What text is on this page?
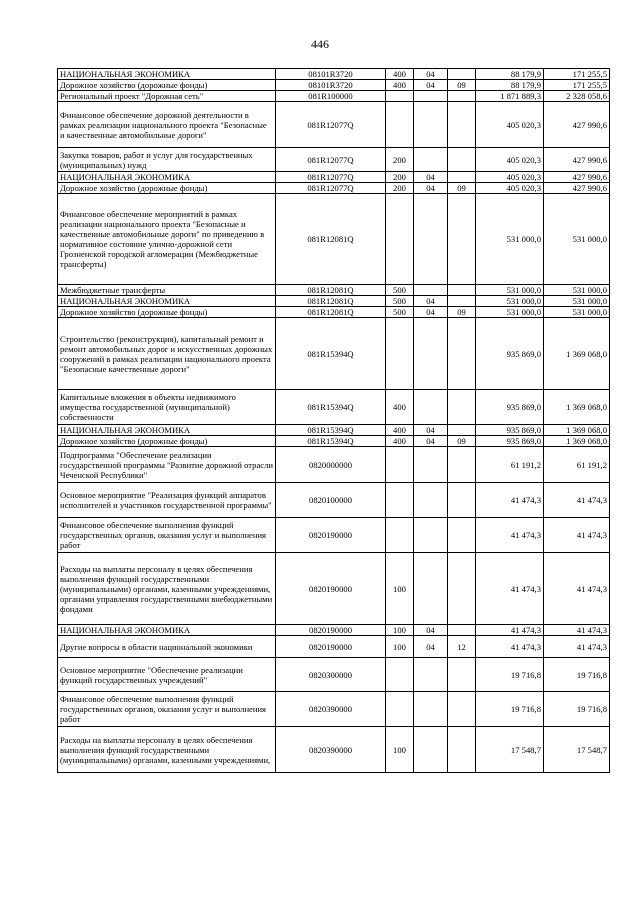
446
НАЦИОНАЛЬНАЯ ЭКОНОМИКА	08101R3720	400	04		88 179,9	171 255,5
Дорожное хозяйство (дорожные фонды)	08101R3720	400	04	09	88 179,9	171 255,5
Региональный проект "Дорожная сеть"	081R100000				1 871 889,3	2 328 058,6
Финансовое обеспечение дорожной деятельности в рамках реализации национального проекта "Безопасные и качественные автомобильные дороги"	081R12077Q				405 020,3	427 990,6
Закупка товаров, работ и услуг для государственных (муниципальных) нужд	081R12077Q	200			405 020,3	427 990,6
НАЦИОНАЛЬНАЯ ЭКОНОМИКА	081R12077Q	200	04		405 020,3	427 990,6
Дорожное хозяйство (дорожные фонды)	081R12077Q	200	04	09	405 020,3	427 990,6
Финансовое обеспечение мероприятий в рамках реализации национального проекта "Безопасные и качественные автомобильные дороги" по приведению в нормативное состояние улично-дорожной сети Грозненской городской агломерации (Межбюджетные трансферты)	081R12081Q				531 000,0	531 000,0
Межбюджетные трансферты	081R12081Q	500			531 000,0	531 000,0
НАЦИОНАЛЬНАЯ ЭКОНОМИКА	081R12081Q	500	04		531 000,0	531 000,0
Дорожное хозяйство (дорожные фонды)	081R12081Q	500	04	09	531 000,0	531 000,0
Строительство (реконструкция), капитальный ремонт и ремонт автомобильных дорог и искусственных дорожных сооружений в рамках реализации национального проекта "Безопасные качественные дороги"	081R15394Q				935 869,0	1 369 068,0
Капитальные вложения в объекты недвижимого имущества государственной (муниципальной) собственности	081R15394Q	400			935 869,0	1 369 068,0
НАЦИОНАЛЬНАЯ ЭКОНОМИКА	081R15394Q	400	04		935 869,0	1 369 068,0
Дорожное хозяйство (дорожные фонды)	081R15394Q	400	04	09	935 869,0	1 369 068,0
Подпрограмма "Обеспечение реализации государственной программы "Развитие дорожной отрасли Чеченской Республики"	0820000000				61 191,2	61 191,2
Основное мероприятие "Реализация функций аппаратов исполнителей и участников государственной программы"	0820100000				41 474,3	41 474,3
Финансовое обеспечение выполнения функций государственных органов, оказания услуг и выполнения работ	0820190000				41 474,3	41 474,3
Расходы на выплаты персоналу в целях обеспечения выполнения функций государственными (муниципальными) органами, казенными учреждениями, органами управления государственными внебюджетными фондами	0820190000	100			41 474,3	41 474,3
НАЦИОНАЛЬНАЯ ЭКОНОМИКА	0820190000	100	04		41 474,3	41 474,3
Другие вопросы в области национальной экономики	0820190000	100	04	12	41 474,3	41 474,3
Основное мероприятие "Обеспечение реализации функций государственных учреждений"	0820300000				19 716,8	19 716,8
Финансовое обеспечение выполнения функций государственных органов, оказания услуг и выполнения работ	0820390000				19 716,8	19 716,8
Расходы на выплаты персоналу в целях обеспечения выполнения функций государственными (муниципальными) органами, казенными учреждениями,	0820390000	100			17 548,7	17 548,7
